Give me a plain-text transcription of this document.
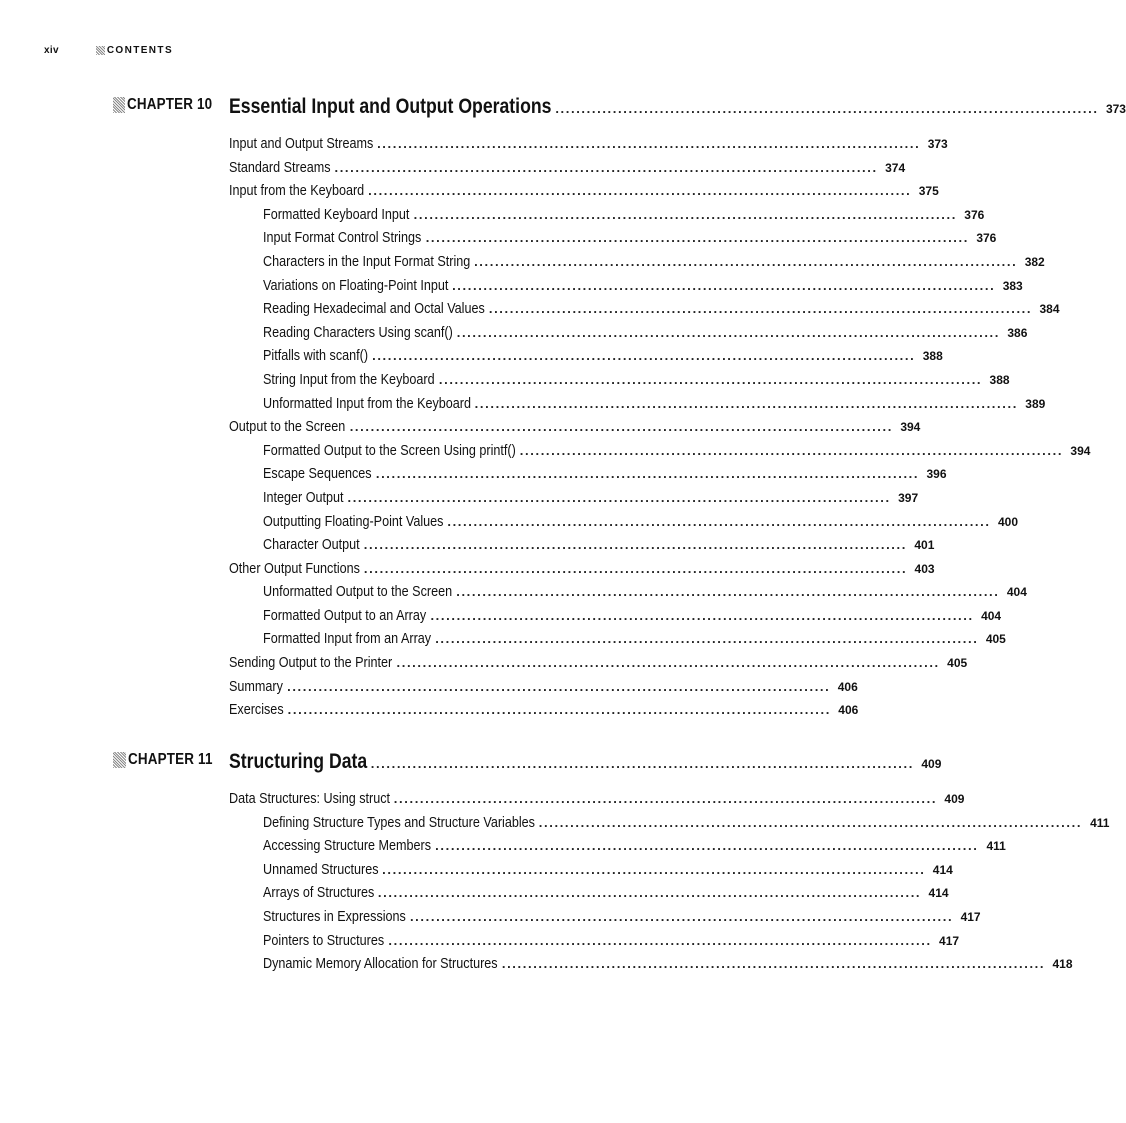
xiv	CONTENTS
CHAPTER 10 Essential Input and Output Operations . . .	373
Input and Output Streams . . .	373
Standard Streams . . .	374
Input from the Keyboard . . .	375
Formatted Keyboard Input . . .	376
Input Format Control Strings . . .	376
Characters in the Input Format String . . .	382
Variations on Floating-Point Input . . .	383
Reading Hexadecimal and Octal Values . . .	384
Reading Characters Using scanf() . . .	386
Pitfalls with scanf() . . .	388
String Input from the Keyboard . . .	388
Unformatted Input from the Keyboard . . .	389
Output to the Screen . . .	394
Formatted Output to the Screen Using printf() . . .	394
Escape Sequences . . .	396
Integer Output . . .	397
Outputting Floating-Point Values . . .	400
Character Output . . .	401
Other Output Functions . . .	403
Unformatted Output to the Screen . . .	404
Formatted Output to an Array . . .	404
Formatted Input from an Array . . .	405
Sending Output to the Printer . . .	405
Summary . . .	406
Exercises . . .	406
CHAPTER 11 Structuring Data . . .	409
Data Structures: Using struct . . .	409
Defining Structure Types and Structure Variables . . .	411
Accessing Structure Members . . .	411
Unnamed Structures . . .	414
Arrays of Structures . . .	414
Structures in Expressions . . .	417
Pointers to Structures . . .	417
Dynamic Memory Allocation for Structures . . .	418
